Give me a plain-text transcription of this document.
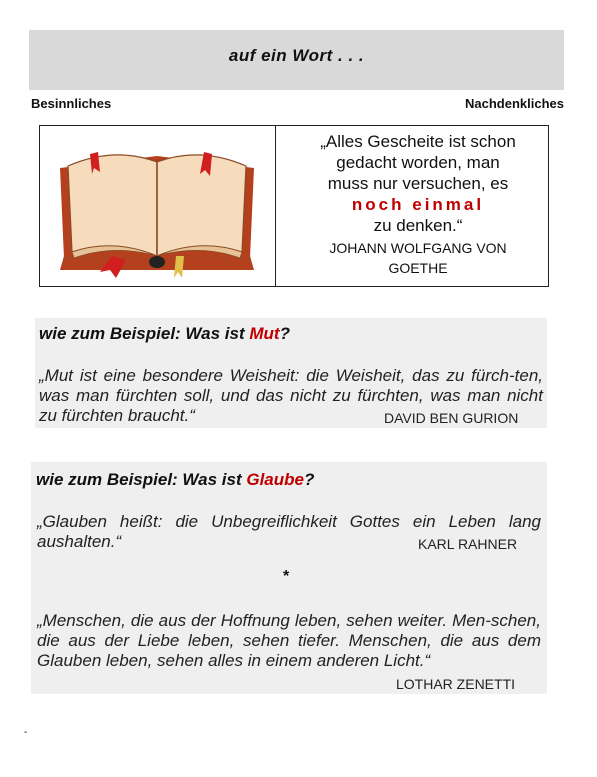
auf ein Wort . . .
Besinnliches	Nachdenkliches
„Alles Gescheite ist schon
gedacht worden, man
muss nur versuchen, es
noch einmal
zu denken.“
JOHANN WOLFGANG VON
GOETHE
wie zum Beispiel: Was ist Mut?
„Mut ist eine besondere Weisheit: die Weisheit, das zu fürch-ten, was man fürchten soll, und das nicht zu fürchten, was man nicht zu fürchten braucht.“	DAVID BEN GURION
wie zum Beispiel: Was ist Glaube?
„Glauben heißt: die Unbegreiflichkeit Gottes ein Leben lang aushalten.“	KARL RAHNER
*
„Menschen, die aus der Hoffnung leben, sehen weiter. Men-schen, die aus der Liebe leben, sehen tiefer. Menschen, die aus dem Glauben leben, sehen alles in einem anderen Licht.“
LOTHAR ZENETTI
-
